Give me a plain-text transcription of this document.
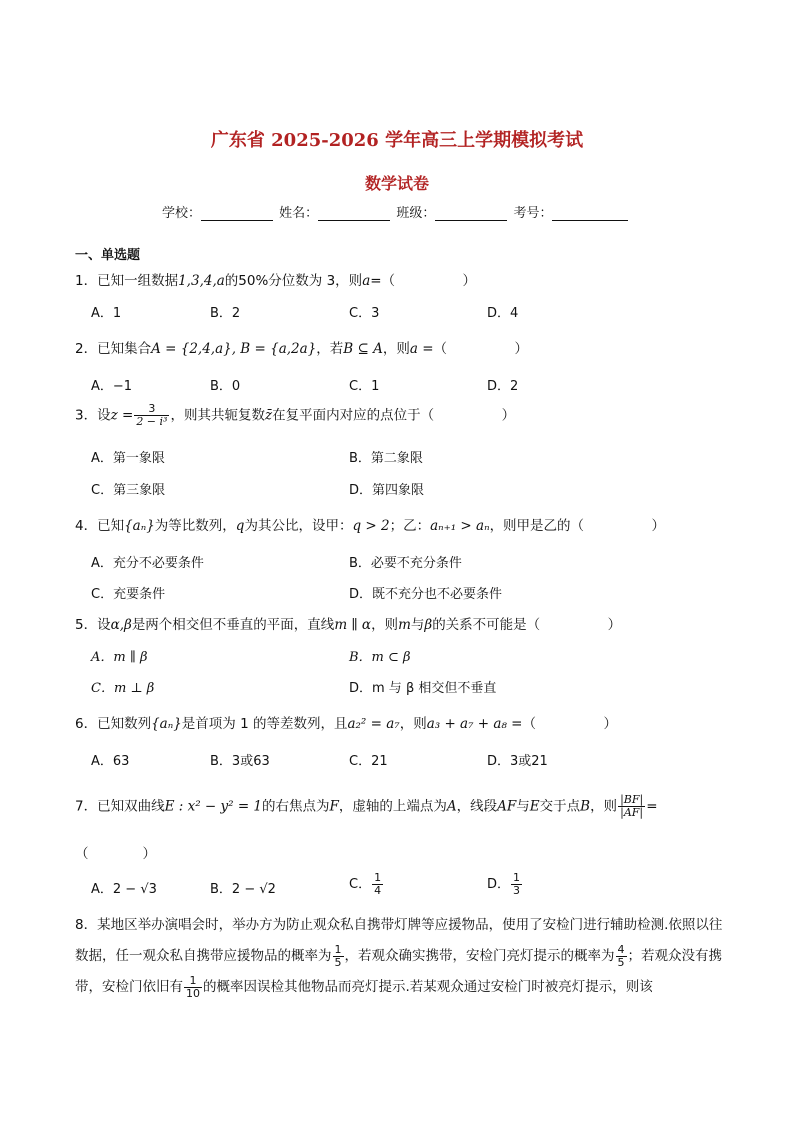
广东省 2025-2026 学年高三上学期模拟考试
数学试卷
学校：	姓名：	班级：	考号：
一、单选题
1．已知一组数据1,3,4,a的50%分位数为 3，则a=（　　　　　）
A．1	B．2	C．3	D．4
2．已知集合A = {2,4,a}, B = {a,2a}，若B ⊆ A，则a =（　　　　　）
A．−1	B．0	C．1	D．2
3．设$z = \frac{3}{\text{2 − i³}}$ ，则其共轭复数z̄在复平面内对应的点位于（　　　　　）
A．第一象限	B．第二象限
C．第三象限	D．第四象限
4．已知{aₙ}为等比数列，q为其公比，设甲：q > 2；乙：aₙ₊₁ > aₙ，则甲是乙的（　　　　　）
A．充分不必要条件	B．必要不充分条件
C．充要条件	D．既不充分也不必要条件
5．设α,β是两个相交但不垂直的平面，直线m ∥ α，则m与β的关系不可能是（　　　　　）
A．m ∥ β	B．m ⊂ β
C．m ⊥ β	D．m 与 β 相交但不垂直
6．已知数列{aₙ}是首项为 1 的等差数列，且a₂² = a₇，则a₃ + a₇ + a₈ =（　　　　　）
A．63	B．3或63	C．21	D．3或21
7．已知双曲线E : x² − y² = 1的右焦点为F，虚轴的上端点为A，线段AF与E交于点B，则 $\frac{|BF|}{|AF|}$ =
（　　　　）
A．2 − √3	B．2 − √2	C． $\frac{1}{4}$	D． $\frac{1}{3}$
8．某地区举办演唱会时，举办方为防止观众私自携带灯牌等应援物品，使用了安检门进行辅助检测.依照以往数据，任一观众私自携带应援物品的概率为 $\frac{1}{5}$ ，若观众确实携带，安检门亮灯提示的概率为 $\frac{4}{5}$ ；若观众没有携带，安检门依旧有 $\frac{1}{10}$ 的概率因误检其他物品而亮灯提示.若某观众通过安检门时被亮灯提示，则该
